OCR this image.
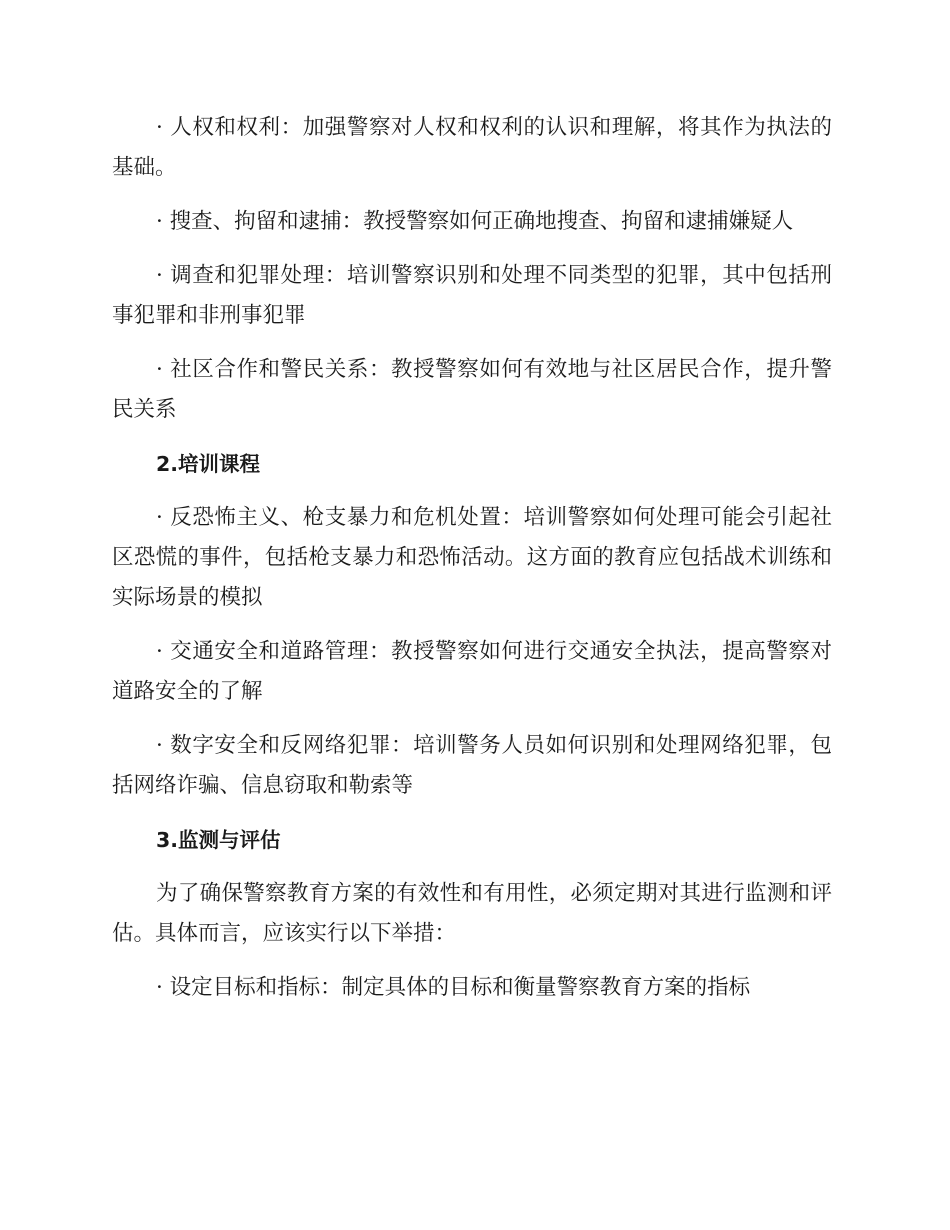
· 人权和权利：加强警察对人权和权利的认识和理解，将其作为执法的基础。

· 搜查、拘留和逮捕：教授警察如何正确地搜查、拘留和逮捕嫌疑人

· 调查和犯罪处理：培训警察识别和处理不同类型的犯罪，其中包括刑事犯罪和非刑事犯罪

· 社区合作和警民关系：教授警察如何有效地与社区居民合作，提升警民关系

2.培训课程

· 反恐怖主义、枪支暴力和危机处置：培训警察如何处理可能会引起社区恐慌的事件，包括枪支暴力和恐怖活动。这方面的教育应包括战术训练和实际场景的模拟

· 交通安全和道路管理：教授警察如何进行交通安全执法，提高警察对道路安全的了解

· 数字安全和反网络犯罪：培训警务人员如何识别和处理网络犯罪，包括网络诈骗、信息窃取和勒索等

3.监测与评估

为了确保警察教育方案的有效性和有用性，必须定期对其进行监测和评估。具体而言，应该实行以下举措：

· 设定目标和指标：制定具体的目标和衡量警察教育方案的指标
